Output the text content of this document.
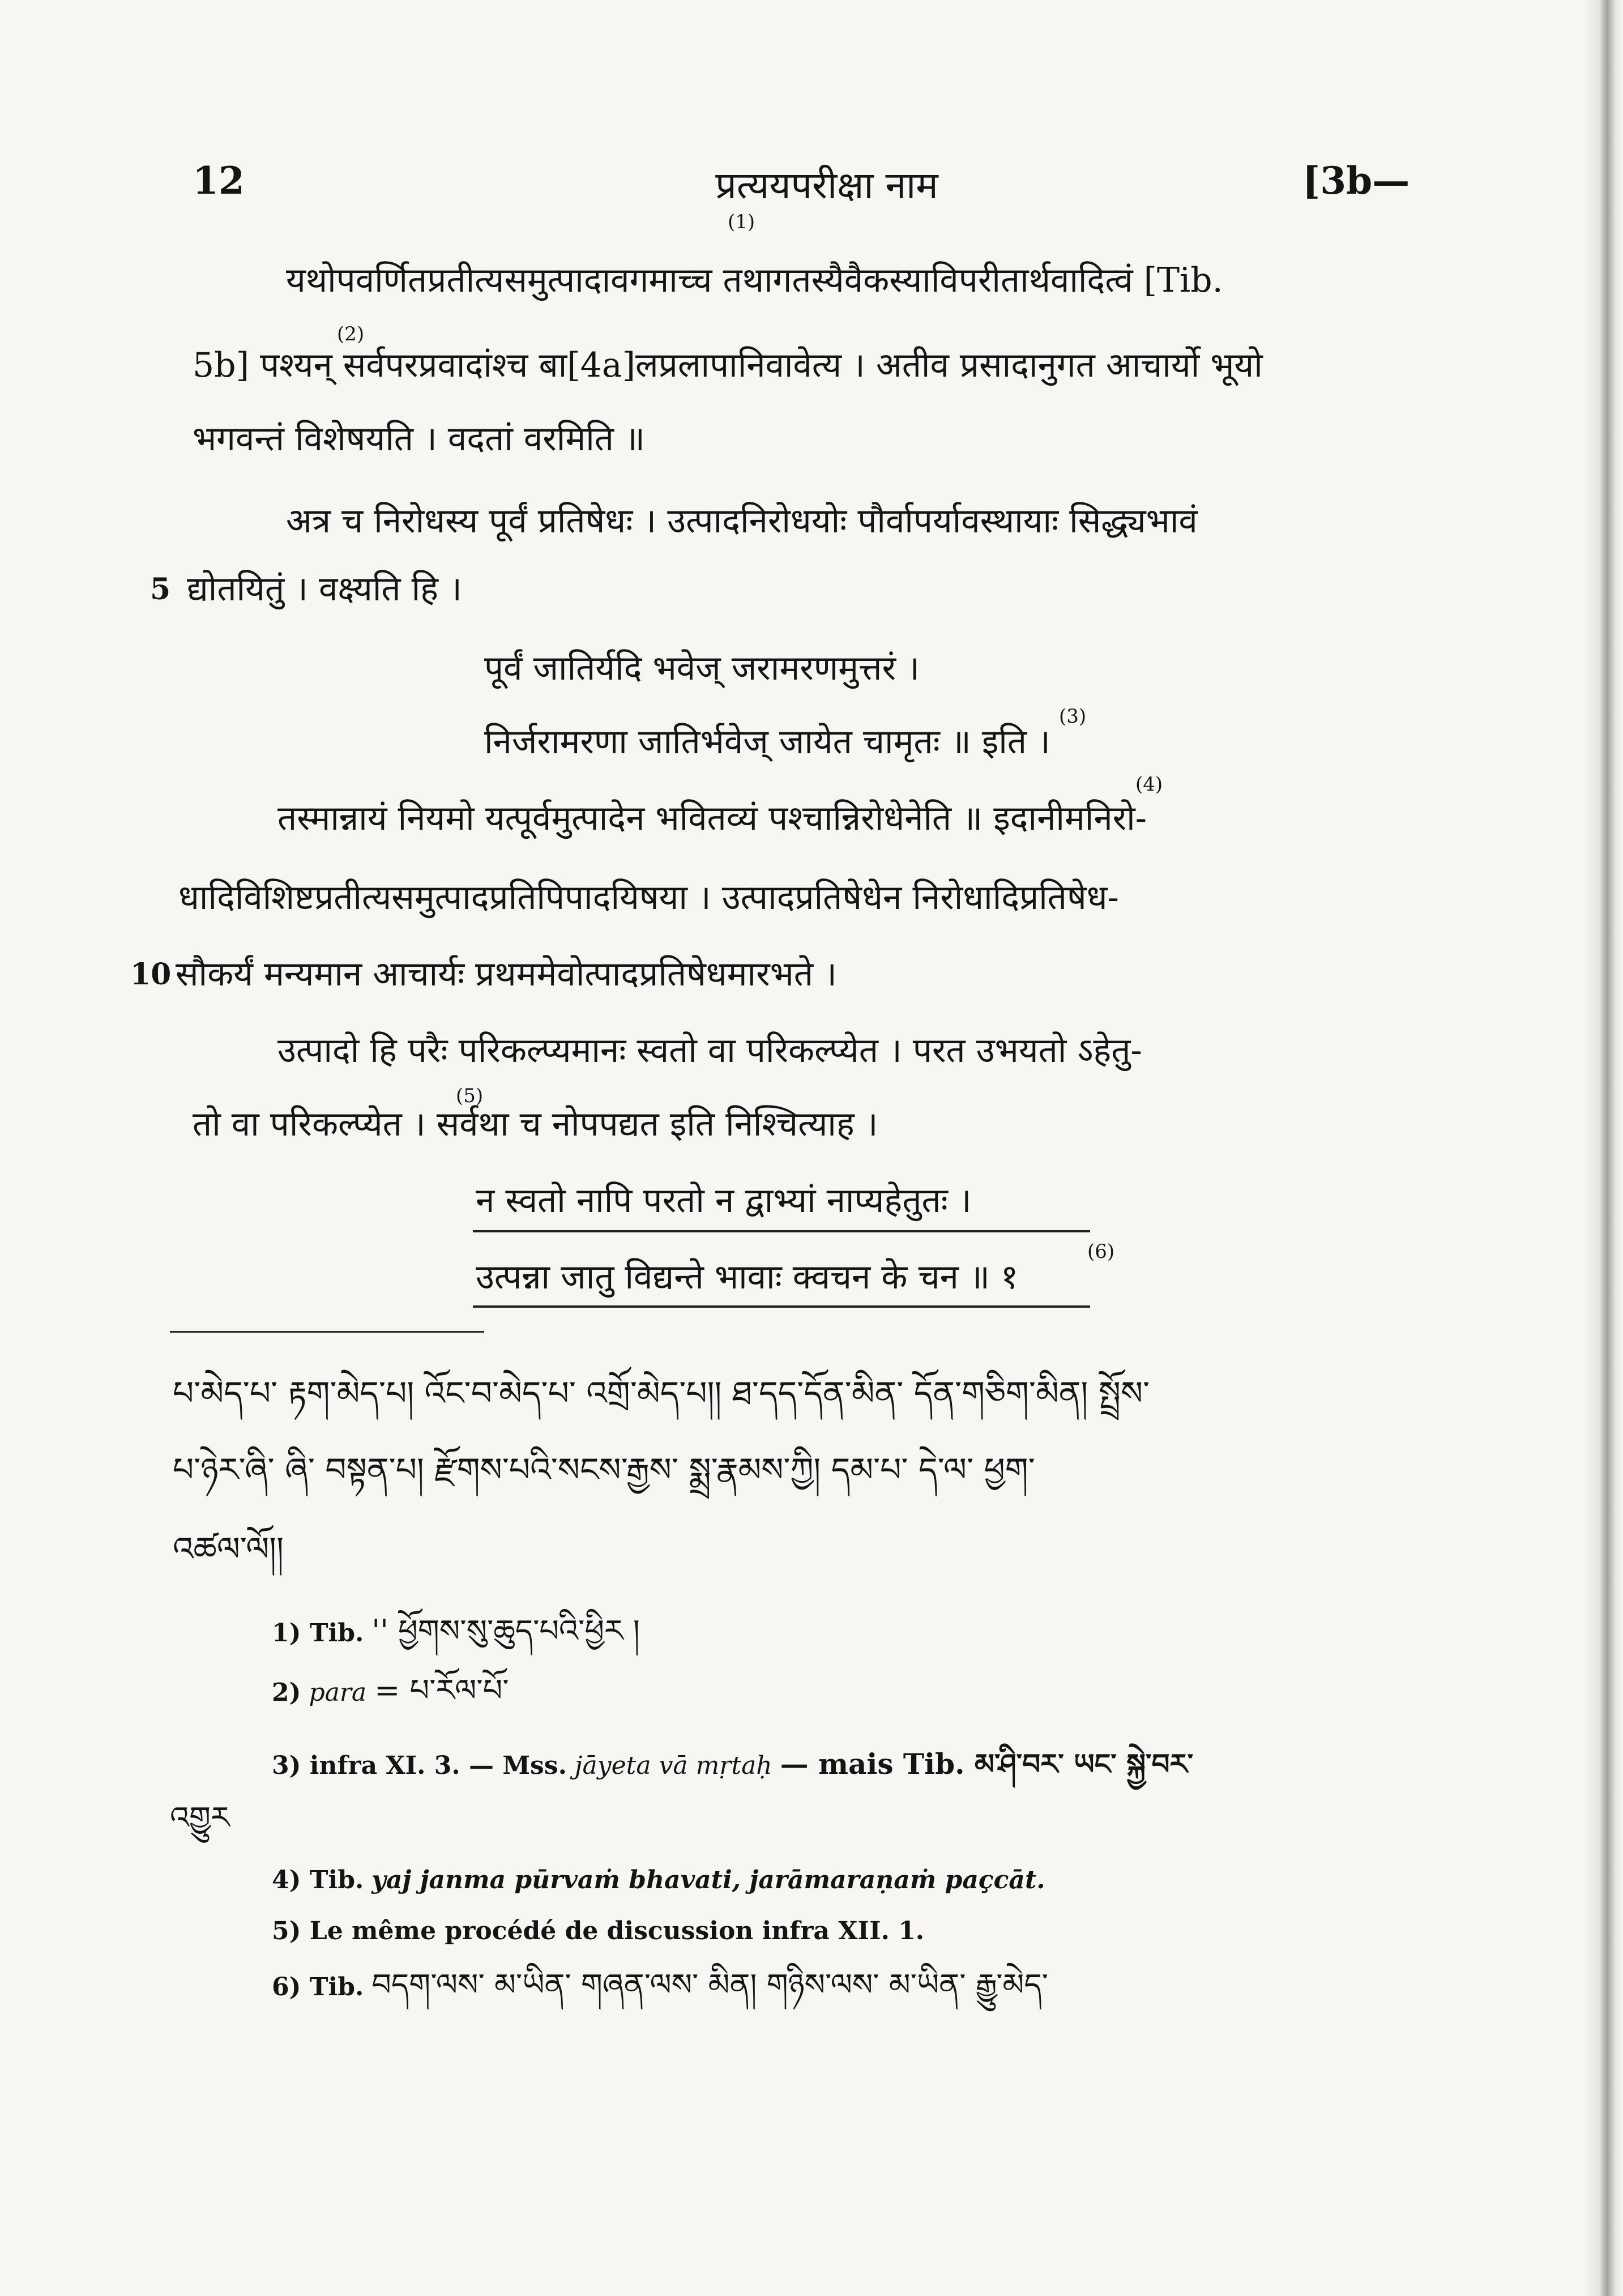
12	प्रत्ययपरीक्षा नाम	[3b—
(1)
यथोपवर्णितप्रतीत्यसमुत्पादावगमाच्च तथागतस्यैवैकस्याविपरीतार्थवादित्वं [Tib.
(2)
5b] पश्यन् सर्वपरप्रवादांश्च बा[4a]लप्रलापानिवावेत्य । अतीव प्रसादानुगत आचार्यो भूयो
भगवन्तं विशेषयति । वदतां वरमिति ॥
अत्र च निरोधस्य पूर्वं प्रतिषेधः । उत्पादनिरोधयोः पौर्वापर्यावस्थायाः सिद्ध्यभावं
5 द्योतयितुं । वक्ष्यति हि ।
पूर्वं जातिर्यदि भवेज् जरामरणमुत्तरं ।
(3)
निर्जरामरणा जातिर्भवेज् जायेत चामृतः ॥ इति ।
(4)
तस्मान्नायं नियमो यत्पूर्वमुत्पादेन भवितव्यं पश्चान्निरोधेनेति ॥ इदानीमनिरो-
धादिविशिष्टप्रतीत्यसमुत्पादप्रतिपिपादयिषया । उत्पादप्रतिषेधेन निरोधादिप्रतिषेध-
10 सौकर्यं मन्यमान आचार्यः प्रथममेवोत्पादप्रतिषेधमारभते ।
उत्पादो हि परैः परिकल्प्यमानः स्वतो वा परिकल्प्येत । परत उभयतो ऽहेतु-
(5)
तो वा परिकल्प्येत । सर्वथा च नोपपद्यत इति निश्चित्याह ।
न स्वतो नापि परतो न द्वाभ्यां नाप्यहेतुतः ।
(6)
उत्पन्ना जातु विद्यन्ते भावाः क्वचन के चन ॥ १
པ་མེད་པ་ རྟག་མེད་པ། འོང་བ་མེད་པ་ འགྲོ་མེད་པ།། ཐ་དད་དོན་མིན་ དོན་གཅིག་མིན། སྤྲོས་
པ་ཉེར་ཞི་ ཞི་ བསྟན་པ། རྫོགས་པའི་སངས་རྒྱས་ སྨྲ་རྣམས་ཀྱི། དམ་པ་ དེ་ལ་ ཕྱག་
འཚལ་ལོ།།
1) Tib. '' ཕྱོགས་སུ་ཆུད་པའི་ཕྱིར །
2) para = པ་རོལ་པོ་
3) infra XI. 3. — Mss. jāyeta vā mṛtaḥ — mais Tib. མ་ཤི་བར་ ཡང་ སྐྱེ་བར་
འགྱུར
4) Tib. yaj janma pūrvaṁ bhavati, jarāmaraṇaṁ paçcāt.
5) Le même procédé de discussion infra XII. 1.
6) Tib. བདག་ལས་ མ་ཡིན་ གཞན་ལས་ མིན། གཉིས་ལས་ མ་ཡིན་ རྒྱུ་མེད་
